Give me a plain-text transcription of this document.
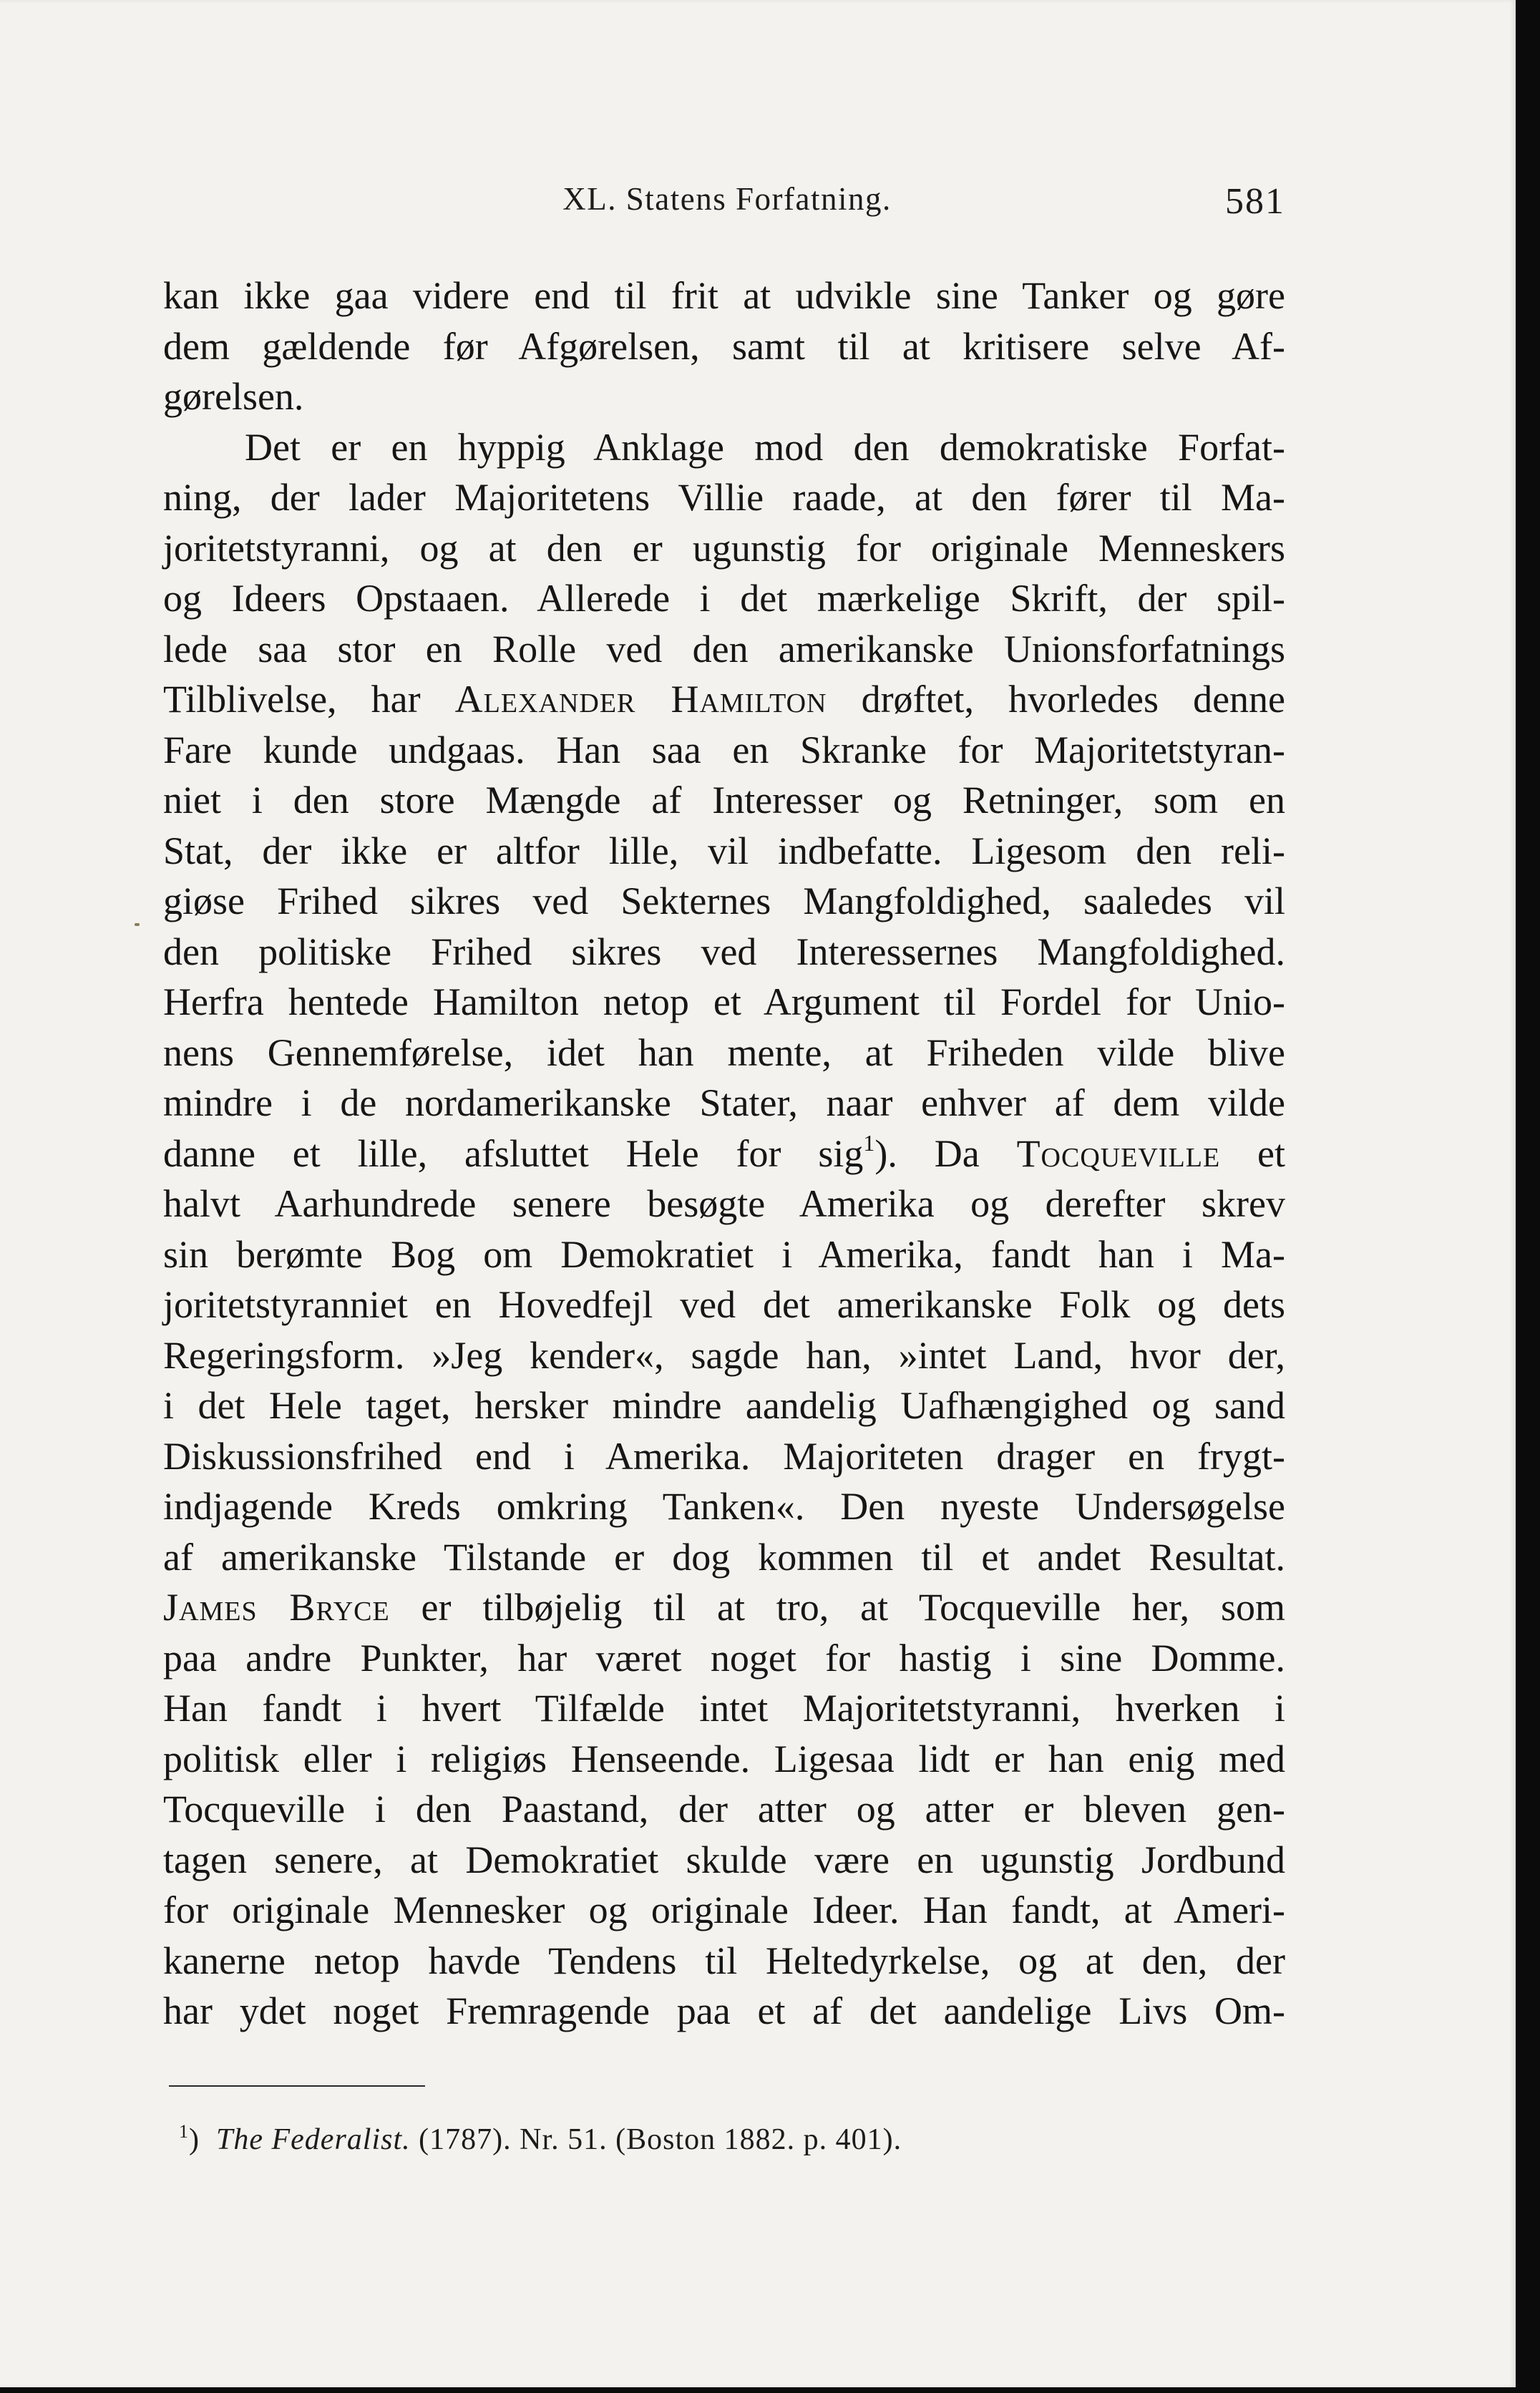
XL. Statens Forfatning.	581
kan ikke gaa videre end til frit at udvikle sine Tanker og gøre
dem gældende før Afgørelsen, samt til at kritisere selve Af-
gørelsen.
Det er en hyppig Anklage mod den demokratiske Forfat-
ning, der lader Majoritetens Villie raade, at den fører til Ma-
joritetstyranni, og at den er ugunstig for originale Menneskers
og Ideers Opstaaen. Allerede i det mærkelige Skrift, der spil-
lede saa stor en Rolle ved den amerikanske Unionsforfatnings
Tilblivelse, har Alexander Hamilton drøftet, hvorledes denne
Fare kunde undgaas. Han saa en Skranke for Majoritetstyran-
niet i den store Mængde af Interesser og Retninger, som en
Stat, der ikke er altfor lille, vil indbefatte. Ligesom den reli-
giøse Frihed sikres ved Sekternes Mangfoldighed, saaledes vil
den politiske Frihed sikres ved Interessernes Mangfoldighed.
Herfra hentede Hamilton netop et Argument til Fordel for Unio-
nens Gennemførelse, idet han mente, at Friheden vilde blive
mindre i de nordamerikanske Stater, naar enhver af dem vilde
danne et lille, afsluttet Hele for sig$^1$). Da Tocqueville et
halvt Aarhundrede senere besøgte Amerika og derefter skrev
sin berømte Bog om Demokratiet i Amerika, fandt han i Ma-
joritetstyranniet en Hovedfejl ved det amerikanske Folk og dets
Regeringsform. »Jeg kender«, sagde han, »intet Land, hvor der,
i det Hele taget, hersker mindre aandelig Uafhængighed og sand
Diskussionsfrihed end i Amerika. Majoriteten drager en frygt-
indjagende Kreds omkring Tanken«. Den nyeste Undersøgelse
af amerikanske Tilstande er dog kommen til et andet Resultat.
James Bryce er tilbøjelig til at tro, at Tocqueville her, som
paa andre Punkter, har været noget for hastig i sine Domme.
Han fandt i hvert Tilfælde intet Majoritetstyranni, hverken i
politisk eller i religiøs Henseende. Ligesaa lidt er han enig med
Tocqueville i den Paastand, der atter og atter er bleven gen-
tagen senere, at Demokratiet skulde være en ugunstig Jordbund
for originale Mennesker og originale Ideer. Han fandt, at Ameri-
kanerne netop havde Tendens til Heltedyrkelse, og at den, der
har ydet noget Fremragende paa et af det aandelige Livs Om-
$^1$) The Federalist. (1787). Nr. 51. (Boston 1882. p. 401).
